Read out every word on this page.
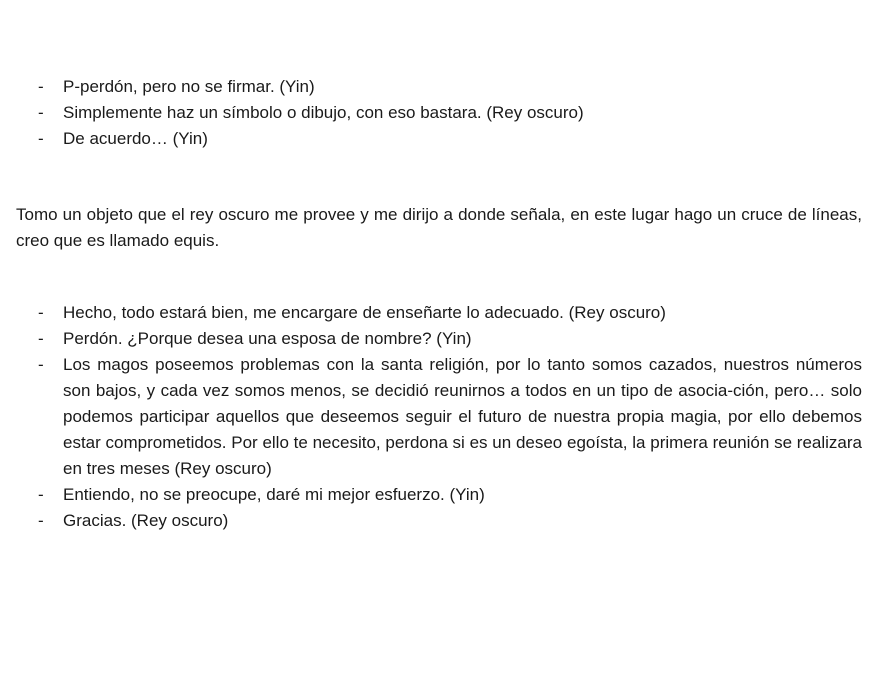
- P-perdón, pero no se firmar. (Yin)
- Simplemente haz un símbolo o dibujo, con eso bastara. (Rey oscuro)
- De acuerdo… (Yin)

Tomo un objeto que el rey oscuro me provee y me dirijo a donde señala, en este lugar hago un cruce de líneas, creo que es llamado equis.

- Hecho, todo estará bien, me encargare de enseñarte lo adecuado. (Rey oscuro)
- Perdón. ¿Porque desea una esposa de nombre? (Yin)
- Los magos poseemos problemas con la santa religión, por lo tanto somos cazados, nuestros números son bajos, y cada vez somos menos, se decidió reunirnos a todos en un tipo de asocia-ción, pero… solo podemos participar aquellos que deseemos seguir el futuro de nuestra propia magia, por ello debemos estar comprometidos. Por ello te necesito, perdona si es un deseo egoísta, la primera reunión se realizara en tres meses (Rey oscuro)
- Entiendo, no se preocupe, daré mi mejor esfuerzo. (Yin)
- Gracias. (Rey oscuro)
